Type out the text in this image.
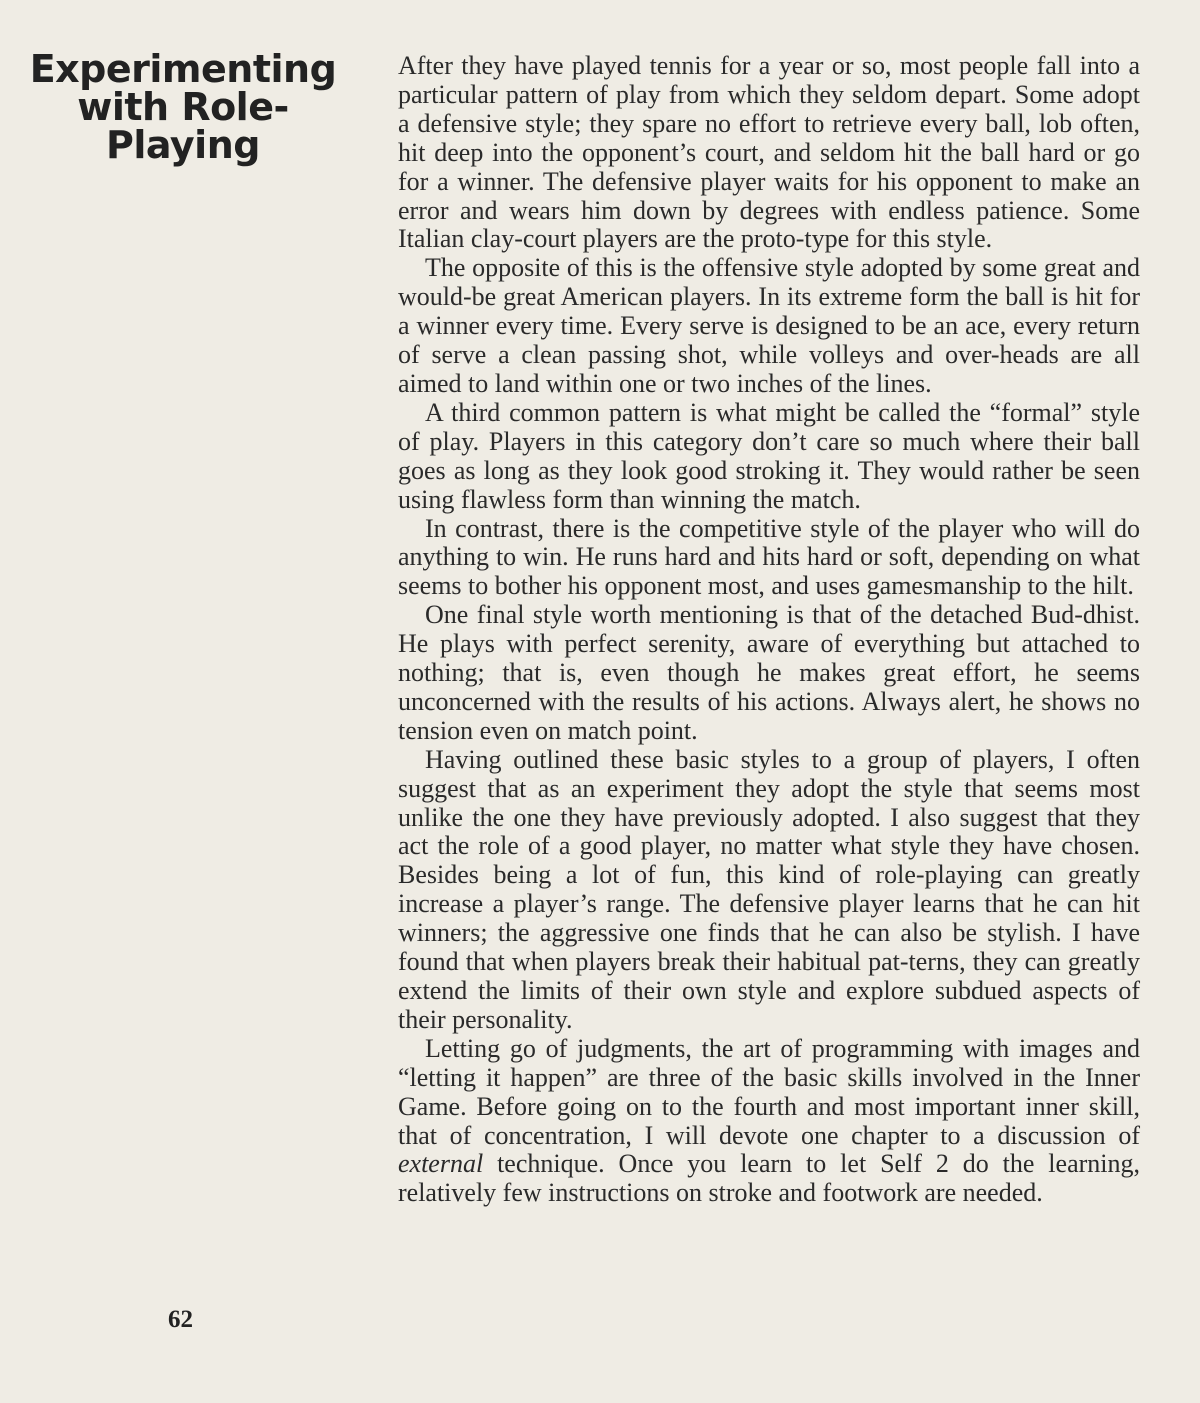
Experimenting
with Role-
Playing

After they have played tennis for a year or so, most people fall into a particular pattern of play from which they seldom depart. Some adopt a defensive style; they spare no effort to retrieve every ball, lob often, hit deep into the opponent’s court, and seldom hit the ball hard or go for a winner. The defensive player waits for his opponent to make an error and wears him down by degrees with endless patience. Some Italian clay-court players are the proto-type for this style.

The opposite of this is the offensive style adopted by some great and would-be great American players. In its extreme form the ball is hit for a winner every time. Every serve is designed to be an ace, every return of serve a clean passing shot, while volleys and over-heads are all aimed to land within one or two inches of the lines.

A third common pattern is what might be called the “formal” style of play. Players in this category don’t care so much where their ball goes as long as they look good stroking it. They would rather be seen using flawless form than winning the match.

In contrast, there is the competitive style of the player who will do anything to win. He runs hard and hits hard or soft, depending on what seems to bother his opponent most, and uses gamesmanship to the hilt.

One final style worth mentioning is that of the detached Bud-dhist. He plays with perfect serenity, aware of everything but attached to nothing; that is, even though he makes great effort, he seems unconcerned with the results of his actions. Always alert, he shows no tension even on match point.

Having outlined these basic styles to a group of players, I often suggest that as an experiment they adopt the style that seems most unlike the one they have previously adopted. I also suggest that they act the role of a good player, no matter what style they have chosen. Besides being a lot of fun, this kind of role-playing can greatly increase a player’s range. The defensive player learns that he can hit winners; the aggressive one finds that he can also be stylish. I have found that when players break their habitual pat-terns, they can greatly extend the limits of their own style and explore subdued aspects of their personality.

Letting go of judgments, the art of programming with images and “letting it happen” are three of the basic skills involved in the Inner Game. Before going on to the fourth and most important inner skill, that of concentration, I will devote one chapter to a discussion of external technique. Once you learn to let Self 2 do the learning, relatively few instructions on stroke and footwork are needed.

62
